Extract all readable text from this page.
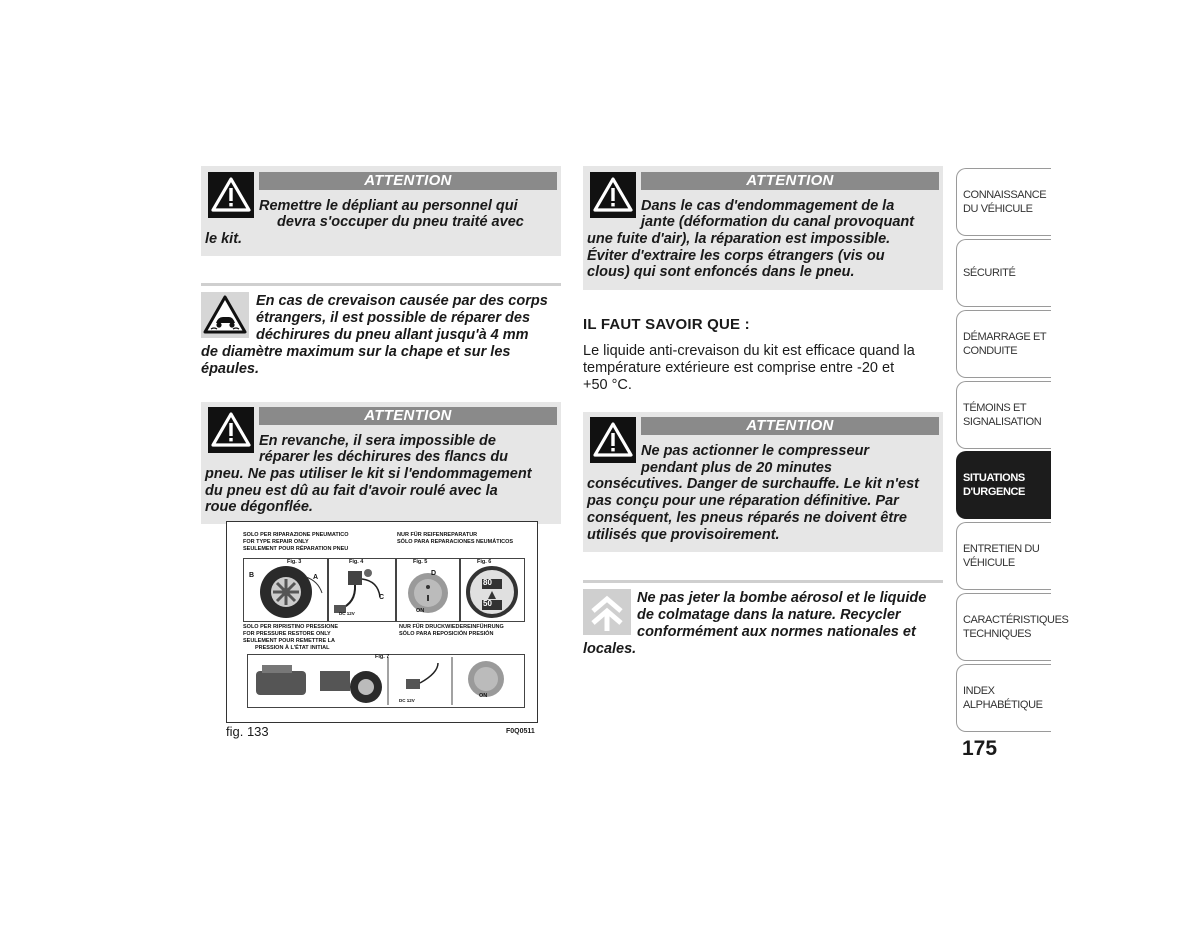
ATTENTION
Remettre le dépliant au personnel qui
devra s'occuper du pneu traité avec
le kit.
En cas de crevaison causée par des corps
étrangers, il est possible de réparer des
déchirures du pneu allant jusqu'à 4 mm
de diamètre maximum sur la chape et sur les
épaules.
ATTENTION
En revanche, il sera impossible de
réparer les déchirures des flancs du
pneu. Ne pas utiliser le kit si l'endommagement
du pneu est dû au fait d'avoir roulé avec la
roue dégonflée.
SOLO PER RIPARAZIONE PNEUMATICO
FOR TYPE REPAIR ONLY
SEULEMENT POUR RÉPARATION PNEU
NUR FÜR REIFENREPARATUR
SÓLO PARA REPARACIONES NEUMÁTICOS
Fig. 3
A
B
Fig. 4
C
DC 12V
Fig. 5
D
ON
Fig. 6
80
50
SOLO PER RIPRISTINO PRESSIONE
FOR PRESSURE RESTORE ONLY
SEULEMENT POUR REMETTRE LA
PRESSION À L'ÉTAT INITIAL
NUR FÜR DRUCKWIEDEREINFÜHRUNG
SÓLO PARA REPOSICIÓN PRESIÓN
Fig. 7
DC 12V
ON
fig. 133	F0Q0511
ATTENTION
Dans le cas d'endommagement de la
jante (déformation du canal provoquant
une fuite d'air), la réparation est impossible.
Éviter d'extraire les corps étrangers (vis ou
clous) qui sont enfoncés dans le pneu.
IL FAUT SAVOIR QUE :
Le liquide anti-crevaison du kit est efficace quand la
température extérieure est comprise entre -20 et
+50 °C.
ATTENTION
Ne pas actionner le compresseur
pendant plus de 20 minutes
consécutives. Danger de surchauffe. Le kit n'est
pas conçu pour une réparation définitive. Par
conséquent, les pneus réparés ne doivent être
utilisés que provisoirement.
Ne pas jeter la bombe aérosol et le liquide
de colmatage dans la nature. Recycler
conformément aux normes nationales et
locales.
CONNAISSANCE DU VÉHICULE
SÉCURITÉ
DÉMARRAGE ET CONDUITE
TÉMOINS ET SIGNALISATION
SITUATIONS D'URGENCE
ENTRETIEN DU VÉHICULE
CARACTÉRISTIQUES TECHNIQUES
INDEX ALPHABÉTIQUE
175
